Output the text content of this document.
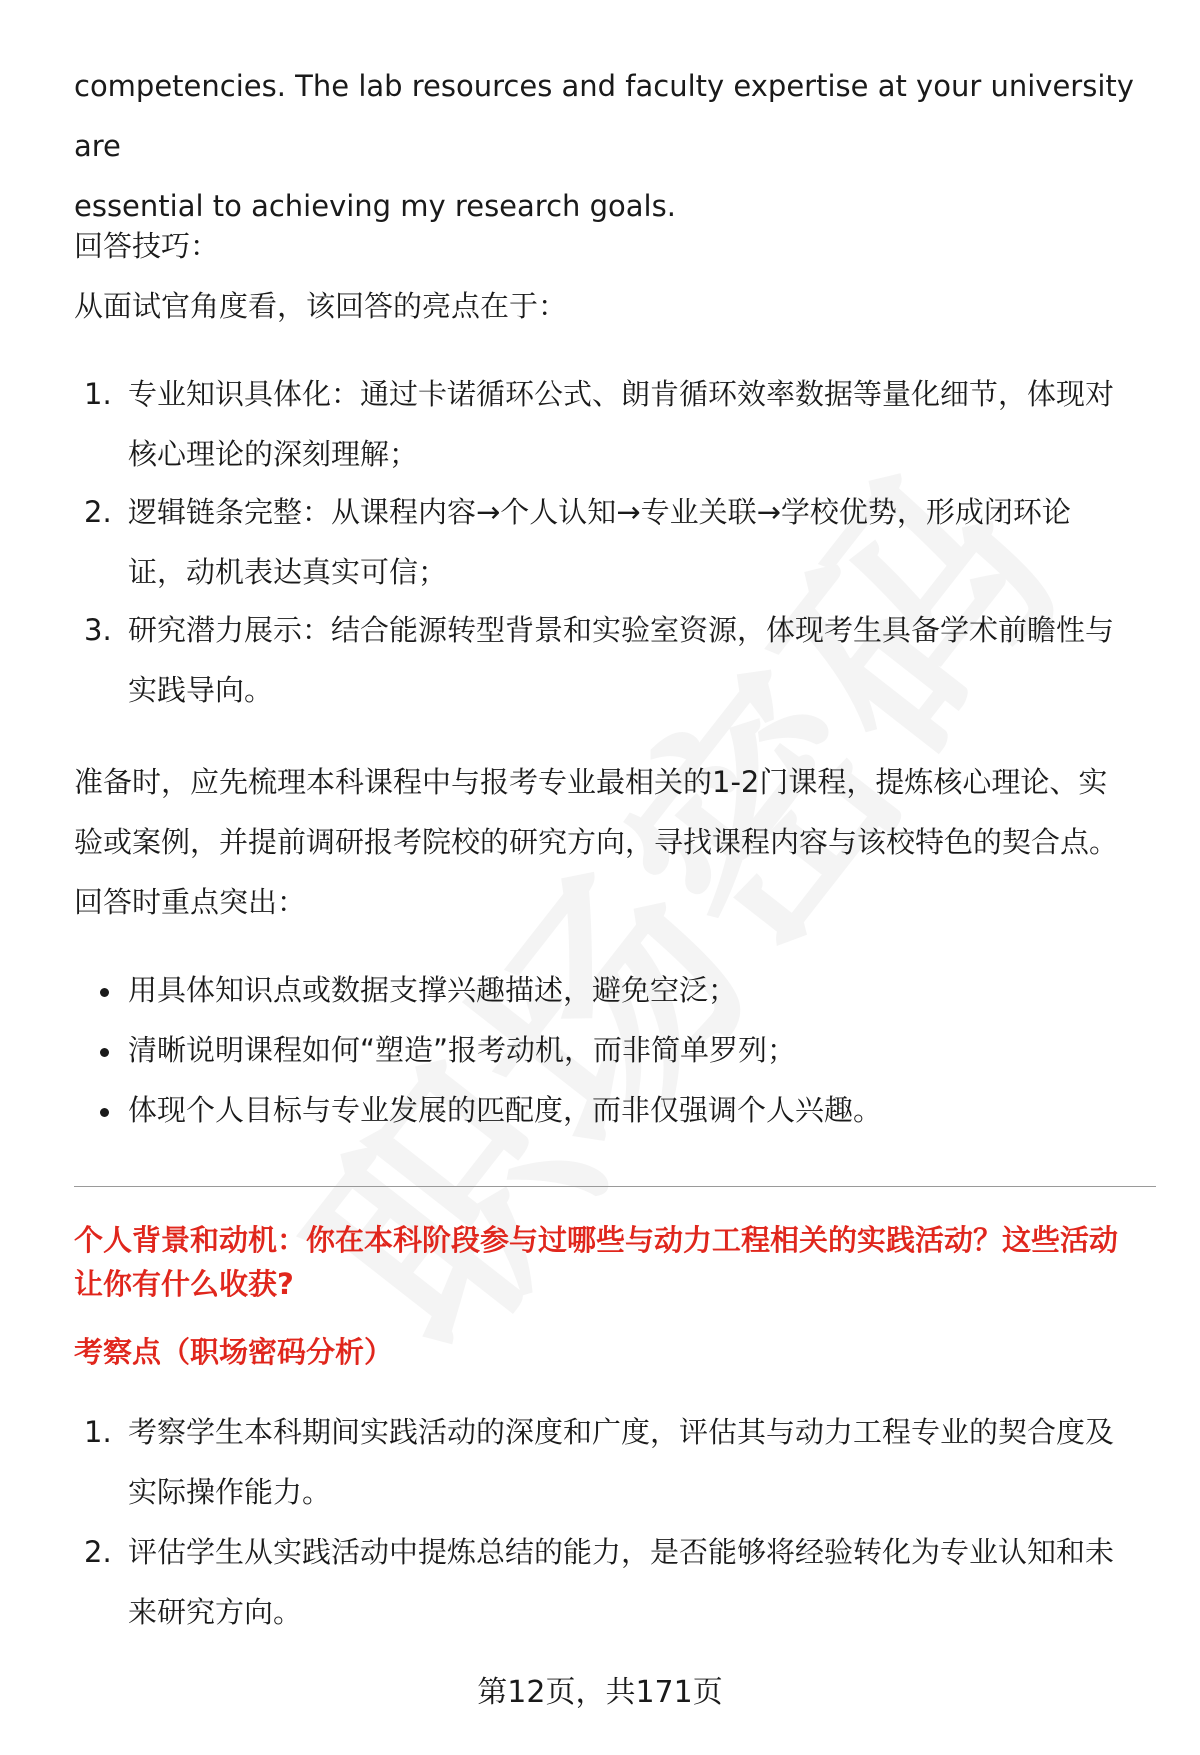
competencies. The lab resources and faculty expertise at your university are

essential to achieving my research goals.

回答技巧：

从面试官角度看，该回答的亮点在于：

1. 专业知识具体化：通过卡诺循环公式、朗肯循环效率数据等量化细节，体现对
核心理论的深刻理解；
2. 逻辑链条完整：从课程内容→个人认知→专业关联→学校优势，形成闭环论
证，动机表达真实可信；
3. 研究潜力展示：结合能源转型背景和实验室资源，体现考生具备学术前瞻性与
实践导向。

准备时，应先梳理本科课程中与报考专业最相关的1-2门课程，提炼核心理论、实

验或案例，并提前调研报考院校的研究方向，寻找课程内容与该校特色的契合点。

回答时重点突出：

用具体知识点或数据支撑兴趣描述，避免空泛；
清晰说明课程如何“塑造”报考动机，而非简单罗列；
体现个人目标与专业发展的匹配度，而非仅强调个人兴趣。
个人背景和动机：你在本科阶段参与过哪些与动力工程相关的实践活动？这些活动
让你有什么收获?
考察点（职场密码分析）
1. 考察学生本科期间实践活动的深度和广度，评估其与动力工程专业的契合度及
实际操作能力。
2. 评估学生从实践活动中提炼总结的能力，是否能够将经验转化为专业认知和未
来研究方向。
第12页，共171页
